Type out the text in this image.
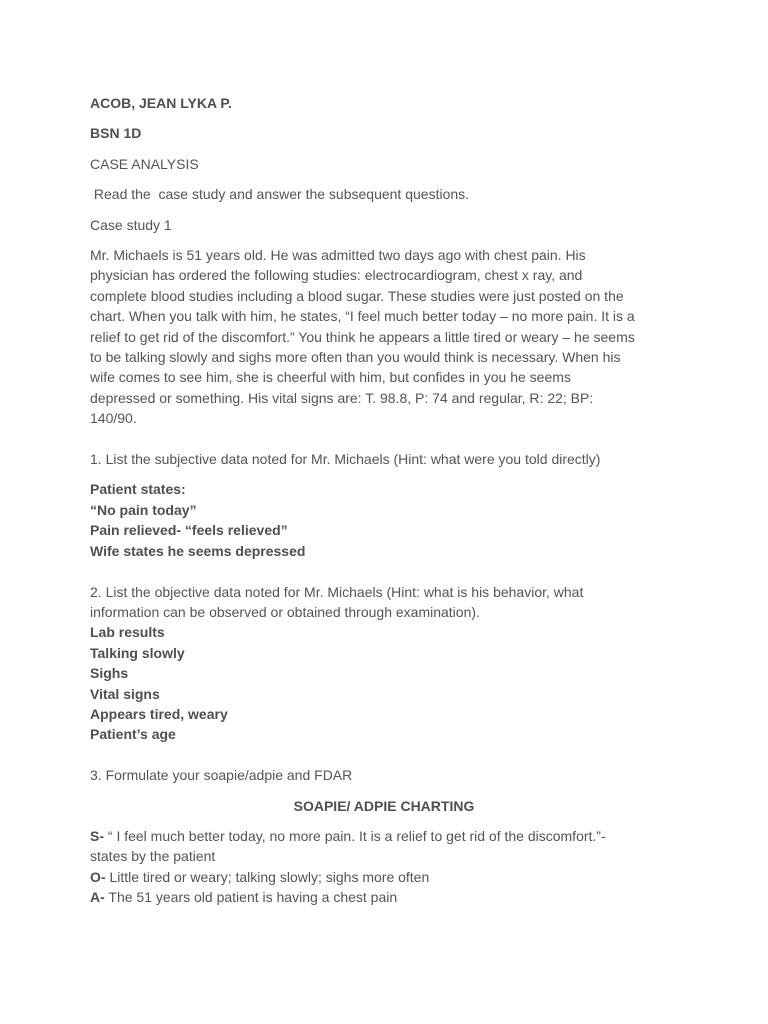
ACOB, JEAN LYKA P.

BSN 1D

CASE ANALYSIS

Read the  case study and answer the subsequent questions.

Case study 1

Mr. Michaels is 51 years old. He was admitted two days ago with chest pain. His

physician has ordered the following studies: electrocardiogram, chest x ray, and

complete blood studies including a blood sugar. These studies were just posted on the

chart. When you talk with him, he states, “I feel much better today – no more pain. It is a

relief to get rid of the discomfort.” You think he appears a little tired or weary – he seems

to be talking slowly and sighs more often than you would think is necessary. When his

wife comes to see him, she is cheerful with him, but confides in you he seems

depressed or something. His vital signs are: T. 98.8, P: 74 and regular, R: 22; BP:

140/90.

1. List the subjective data noted for Mr. Michaels (Hint: what were you told directly)

Patient states:

“No pain today”

Pain relieved- “feels relieved”

Wife states he seems depressed

2. List the objective data noted for Mr. Michaels (Hint: what is his behavior, what

information can be observed or obtained through examination).

Lab results

Talking slowly

Sighs

Vital signs

Appears tired, weary

Patient’s age

3. Formulate your soapie/adpie and FDAR

SOAPIE/ ADPIE CHARTING

S- “ I feel much better today, no more pain. It is a relief to get rid of the discomfort.”-

states by the patient

O- Little tired or weary; talking slowly; sighs more often

A- The 51 years old patient is having a chest pain
